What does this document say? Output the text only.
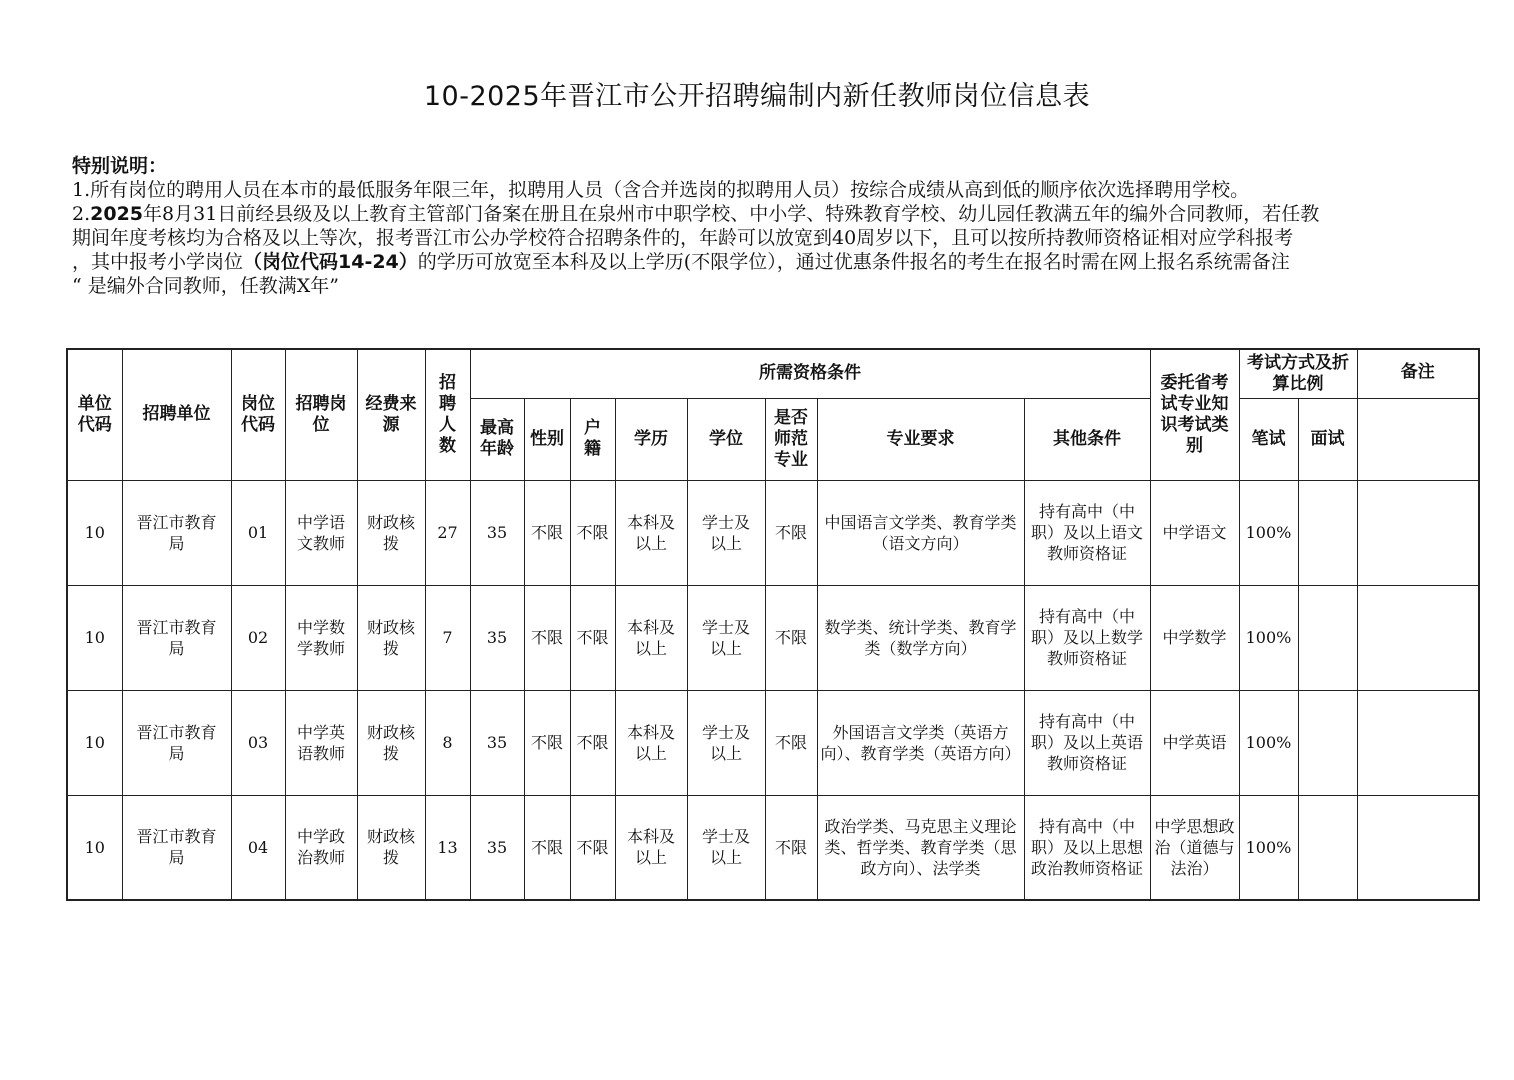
10-2025年晋江市公开招聘编制内新任教师岗位信息表
特别说明：
1.所有岗位的聘用人员在本市的最低服务年限三年，拟聘用人员（含合并选岗的拟聘用人员）按综合成绩从高到低的顺序依次选择聘用学校。
2.2025年8月31日前经县级及以上教育主管部门备案在册且在泉州市中职学校、中小学、特殊教育学校、幼儿园任教满五年的编外合同教师，若任教
期间年度考核均为合格及以上等次，报考晋江市公办学校符合招聘条件的，年龄可以放宽到40周岁以下，且可以按所持教师资格证相对应学科报考
，其中报考小学岗位（岗位代码14-24）的学历可放宽至本科及以上学历(不限学位），通过优惠条件报名的考生在报名时需在网上报名系统需备注
“ 是编外合同教师，任教满X年”
单位代码	招聘单位	岗位代码	招聘岗位	经费来源	招聘人数	所需资格条件								委托省考试专业知识考试类别	考试方式及折算比例		备注
						最高年龄	性别	户籍	学历	学位	是否师范专业	专业要求	其他条件		笔试	面试	
10	晋江市教育局	01	中学语文教师	财政核拨	27	35	不限	不限	本科及以上	学士及以上	不限	中国语言文学类、教育学类（语文方向）	持有高中（中职）及以上语文教师资格证	中学语文	100%		
10	晋江市教育局	02	中学数学教师	财政核拨	7	35	不限	不限	本科及以上	学士及以上	不限	数学类、统计学类、教育学类（数学方向）	持有高中（中职）及以上数学教师资格证	中学数学	100%		
10	晋江市教育局	03	中学英语教师	财政核拨	8	35	不限	不限	本科及以上	学士及以上	不限	外国语言文学类（英语方向）、教育学类（英语方向）	持有高中（中职）及以上英语教师资格证	中学英语	100%		
10	晋江市教育局	04	中学政治教师	财政核拨	13	35	不限	不限	本科及以上	学士及以上	不限	政治学类、马克思主义理论类、哲学类、教育学类（思政方向）、法学类	持有高中（中职）及以上思想政治教师资格证	中学思想政治（道德与法治）	100%		
